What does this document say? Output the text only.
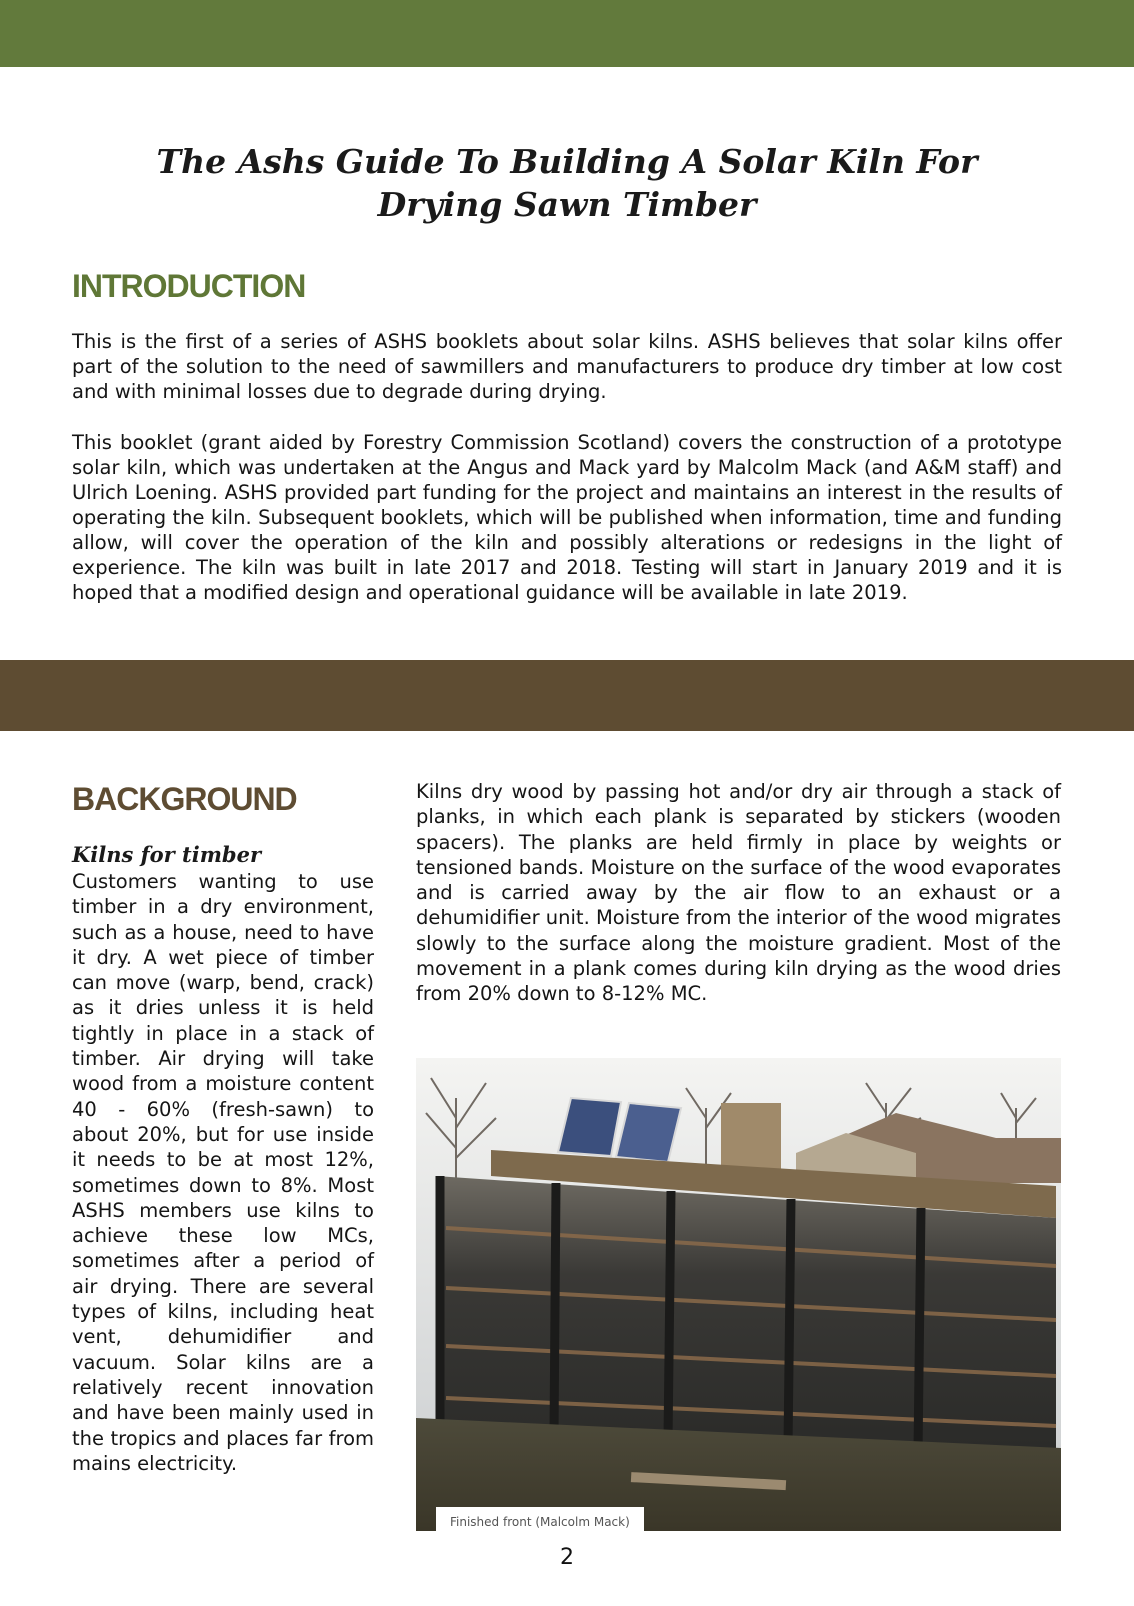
The Ashs Guide To Building A Solar Kiln For
Drying Sawn Timber
INTRODUCTION
This is the first of a series of ASHS booklets about solar kilns. ASHS believes that solar kilns offer part of the solution to the need of sawmillers and manufacturers to produce dry timber at low cost and with minimal losses due to degrade during drying.
This booklet (grant aided by Forestry Commission Scotland) covers the construction of a prototype solar kiln, which was undertaken at the Angus and Mack yard by Malcolm Mack (and A&M staff) and Ulrich Loening. ASHS provided part funding for the project and maintains an interest in the results of operating the kiln. Subsequent booklets, which will be published when information, time and funding allow, will cover the operation of the kiln and possibly alterations or redesigns in the light of experience. The kiln was built in late 2017 and 2018. Testing will start in January 2019 and it is hoped that a modified design and operational guidance will be available in late 2019.
BACKGROUND
Kilns for timber
Customers wanting to use timber in a dry environment, such as a house, need to have it dry. A wet piece of timber can move (warp, bend, crack) as it dries unless it is held tightly in place in a stack of timber. Air drying will take wood from a moisture content 40 - 60% (fresh-sawn) to about 20%, but for use inside it needs to be at most 12%, sometimes down to 8%. Most ASHS members use kilns to achieve these low MCs, sometimes after a period of air drying. There are several types of kilns, including heat vent, dehumidifier and vacuum. Solar kilns are a relatively recent innovation and have been mainly used in the tropics and places far from mains electricity.
Kilns dry wood by passing hot and/or dry air through a stack of planks, in which each plank is separated by stickers (wooden spacers). The planks are held firmly in place by weights or tensioned bands. Moisture on the surface of the wood evaporates and is carried away by the air flow to an exhaust or a dehumidifier unit. Moisture from the interior of the wood migrates slowly to the surface along the moisture gradient. Most of the movement in a plank comes during kiln drying as the wood dries from 20% down to 8-12% MC.
Finished front (Malcolm Mack)
2
